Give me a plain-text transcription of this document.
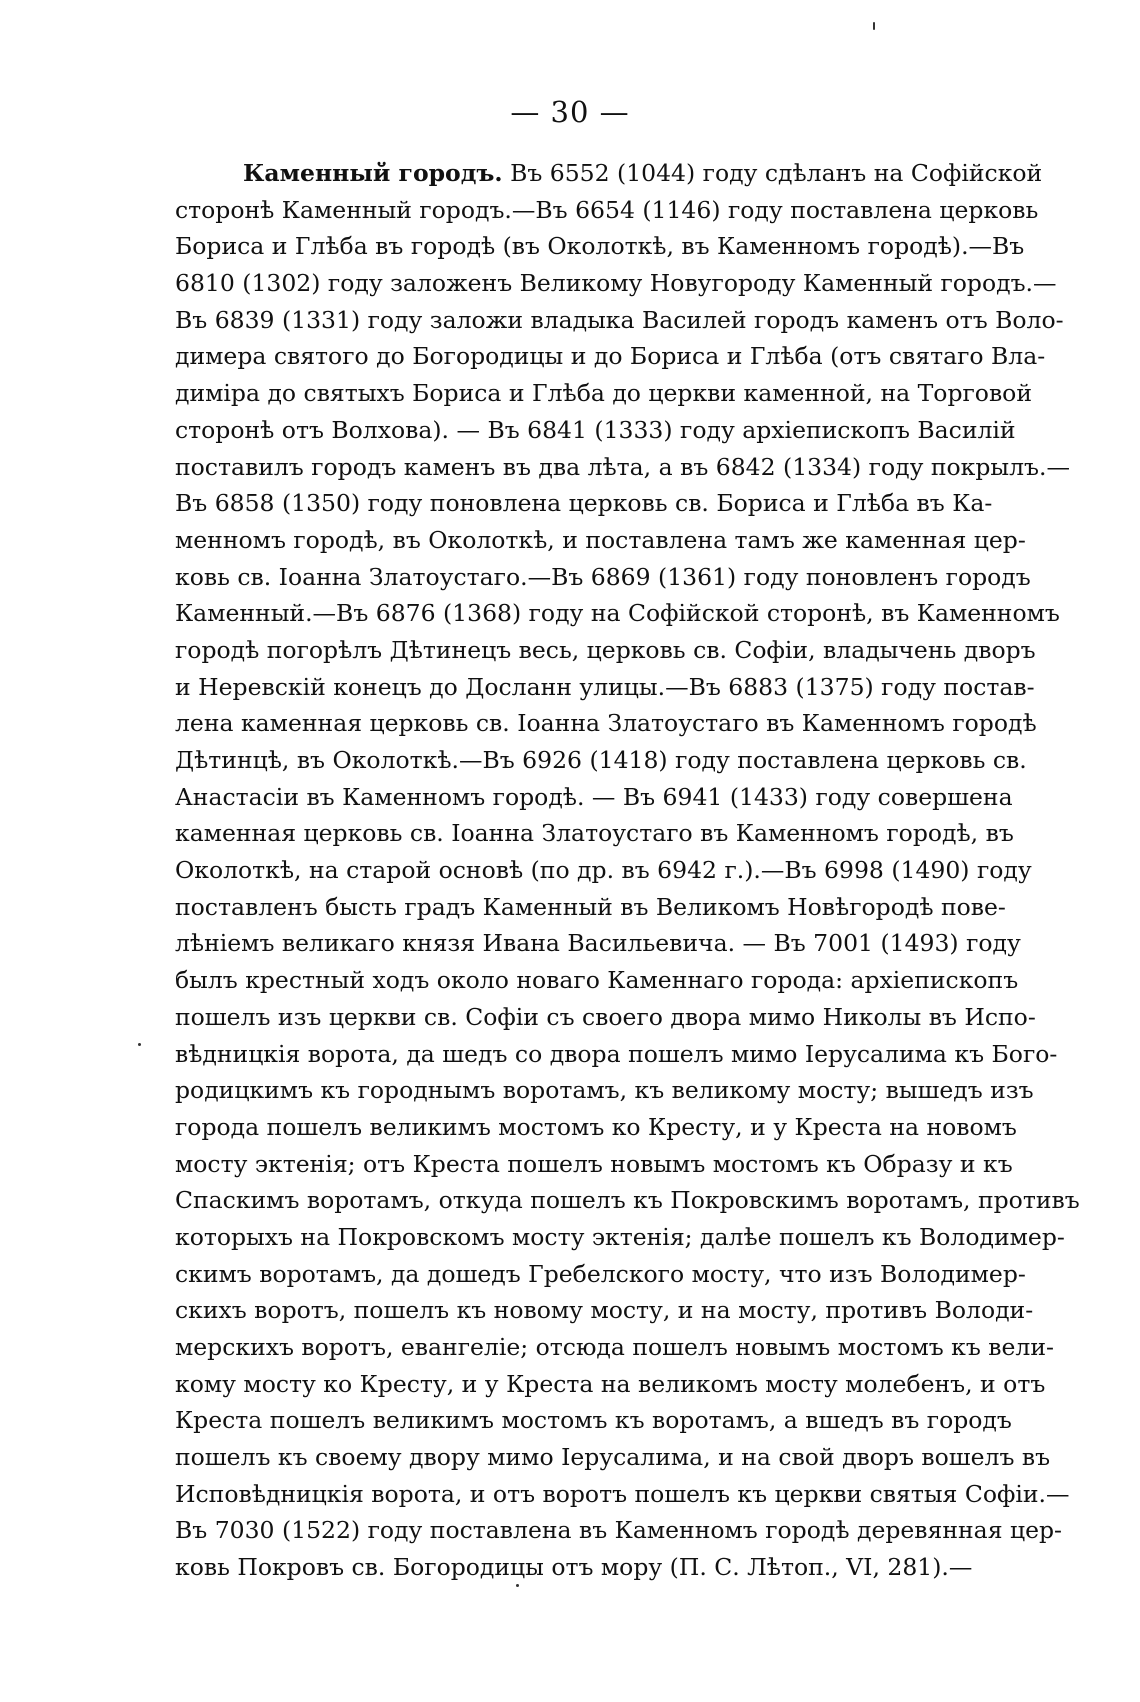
— 30 —
Каменный городъ. Въ 6552 (1044) году сдѣланъ на Софійской
сторонѣ Каменный городъ.—Въ 6654 (1146) году поставлена церковь
Бориса и Глѣба въ городѣ (въ Околоткѣ, въ Каменномъ городѣ).—Въ
6810 (1302) году заложенъ Великому Новугороду Каменный городъ.—
Въ 6839 (1331) году заложи владыка Василей городъ каменъ отъ Воло-
димера святого до Богородицы и до Бориса и Глѣба (отъ святаго Вла-
диміра до святыхъ Бориса и Глѣба до церкви каменной, на Торговой
сторонѣ отъ Волхова). — Въ 6841 (1333) году архіепископъ Василій
поставилъ городъ каменъ въ два лѣта, а въ 6842 (1334) году покрылъ.—
Въ 6858 (1350) году поновлена церковь св. Бориса и Глѣба въ Ка-
менномъ городѣ, въ Околоткѣ, и поставлена тамъ же каменная цер-
ковь св. Іоанна Златоустаго.—Въ 6869 (1361) году поновленъ городъ
Каменный.—Въ 6876 (1368) году на Софійской сторонѣ, въ Каменномъ
городѣ погорѣлъ Дѣтинецъ весь, церковь св. Софіи, владычень дворъ
и Неревскій конецъ до Досланн улицы.—Въ 6883 (1375) году постав-
лена каменная церковь св. Іоанна Златоустаго въ Каменномъ городѣ
Дѣтинцѣ, въ Околоткѣ.—Въ 6926 (1418) году поставлена церковь св.
Анастасіи въ Каменномъ городѣ. — Въ 6941 (1433) году совершена
каменная церковь св. Іоанна Златоустаго въ Каменномъ городѣ, въ
Околоткѣ, на старой основѣ (по др. въ 6942 г.).—Въ 6998 (1490) году
поставленъ бысть градъ Каменный въ Великомъ Новѣгородѣ пове-
лѣніемъ великаго князя Ивана Васильевича. — Въ 7001 (1493) году
былъ крестный ходъ около новаго Каменнаго города: архіепископъ
пошелъ изъ церкви св. Софіи съ своего двора мимо Николы въ Испо-
вѣдницкія ворота, да шедъ со двора пошелъ мимо Іерусалима къ Бого-
родицкимъ къ городнымъ воротамъ, къ великому мосту; вышедъ изъ
города пошелъ великимъ мостомъ ко Кресту, и у Креста на новомъ
мосту эктенія; отъ Креста пошелъ новымъ мостомъ къ Образу и къ
Спаскимъ воротамъ, откуда пошелъ къ Покровскимъ воротамъ, противъ
которыхъ на Покровскомъ мосту эктенія; далѣе пошелъ къ Володимер-
скимъ воротамъ, да дошедъ Гребелского мосту, что изъ Володимер-
скихъ воротъ, пошелъ къ новому мосту, и на мосту, противъ Володи-
мерскихъ воротъ, евангеліе; отсюда пошелъ новымъ мостомъ къ вели-
кому мосту ко Кресту, и у Креста на великомъ мосту молебенъ, и отъ
Креста пошелъ великимъ мостомъ къ воротамъ, а вшедъ въ городъ
пошелъ къ своему двору мимо Іерусалима, и на свой дворъ вошелъ въ
Исповѣдницкія ворота, и отъ воротъ пошелъ къ церкви святыя Софіи.—
Въ 7030 (1522) году поставлена въ Каменномъ городѣ деревянная цер-
ковь Покровъ св. Богородицы отъ мору (П. С. Лѣтоп., VI, 281).—
